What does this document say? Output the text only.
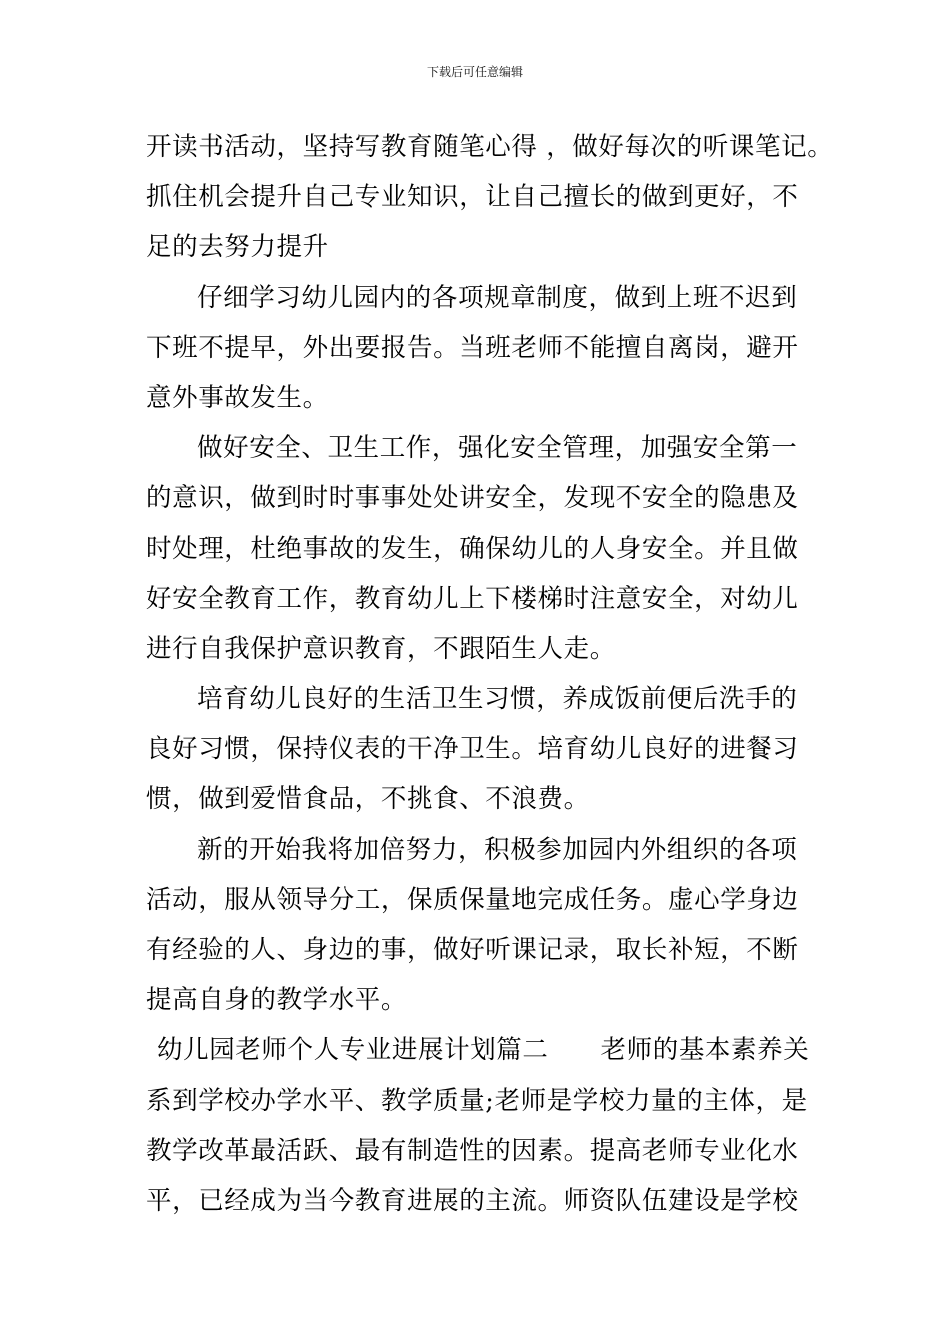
下载后可任意编辑
开读书活动，坚持写教育随笔心得 ，做好每次的听课笔记。
抓住机会提升自己专业知识，让自己擅长的做到更好，不
足的去努力提升
仔细学习幼儿园内的各项规章制度，做到上班不迟到
下班不提早，外出要报告。当班老师不能擅自离岗，避开
意外事故发生。
做好安全、卫生工作，强化安全管理，加强安全第一
的意识，做到时时事事处处讲安全，发现不安全的隐患及
时处理，杜绝事故的发生，确保幼儿的人身安全。并且做
好安全教育工作，教育幼儿上下楼梯时注意安全，对幼儿
进行自我保护意识教育，不跟陌生人走。
培育幼儿良好的生活卫生习惯，养成饭前便后洗手的
良好习惯，保持仪表的干净卫生。培育幼儿良好的进餐习
惯，做到爱惜食品，不挑食、不浪费。
新的开始我将加倍努力，积极参加园内外组织的各项
活动，服从领导分工，保质保量地完成任务。虚心学身边
有经验的人、身边的事，做好听课记录，取长补短，不断
提高自身的教学水平。
幼儿园老师个人专业进展计划篇二 老师的基本素养关
系到学校办学水平、教学质量;老师是学校力量的主体，是
教学改革最活跃、最有制造性的因素。提高老师专业化水
平，已经成为当今教育进展的主流。师资队伍建设是学校
